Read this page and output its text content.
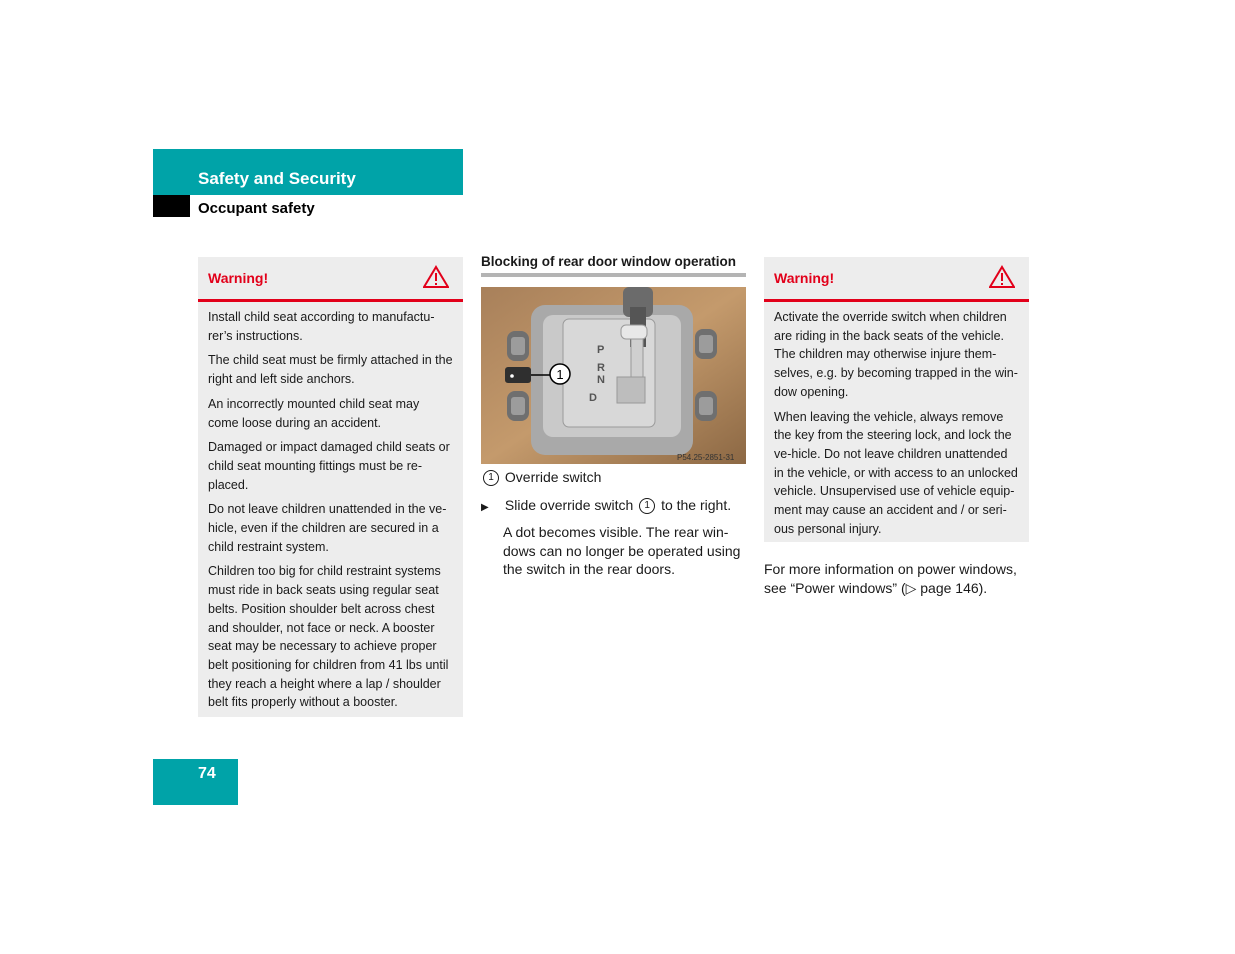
Safety and Security
Occupant safety
Warning!

Install child seat according to manufactu-rer’s instructions.

The child seat must be firmly attached in the right and left side anchors.

An incorrectly mounted child seat may come loose during an accident.

Damaged or impact damaged child seats or child seat mounting fittings must be re-placed.

Do not leave children unattended in the ve-hicle, even if the children are secured in a child restraint system.

Children too big for child restraint systems must ride in back seats using regular seat belts. Position shoulder belt across chest and shoulder, not face or neck. A booster seat may be necessary to achieve proper belt positioning for children from 41 lbs until they reach a height where a lap / shoulder belt fits properly without a booster.

Blocking of rear door window operation
P
R
N
D
1
P54.25-2851-31
1 Override switch
▶ Slide override switch 1 to the right.
A dot becomes visible. The rear win-dows can no longer be operated using the switch in the rear doors.
Warning!

Activate the override switch when children are riding in the back seats of the vehicle. The children may otherwise injure them-selves, e.g. by becoming trapped in the win-dow opening.

When leaving the vehicle, always remove the key from the steering lock, and lock the ve-hicle. Do not leave children unattended in the vehicle, or with access to an unlocked vehicle. Unsupervised use of vehicle equip-ment may cause an accident and / or seri-ous personal injury.

For more information on power windows, see “Power windows” (▷ page 146).
74
